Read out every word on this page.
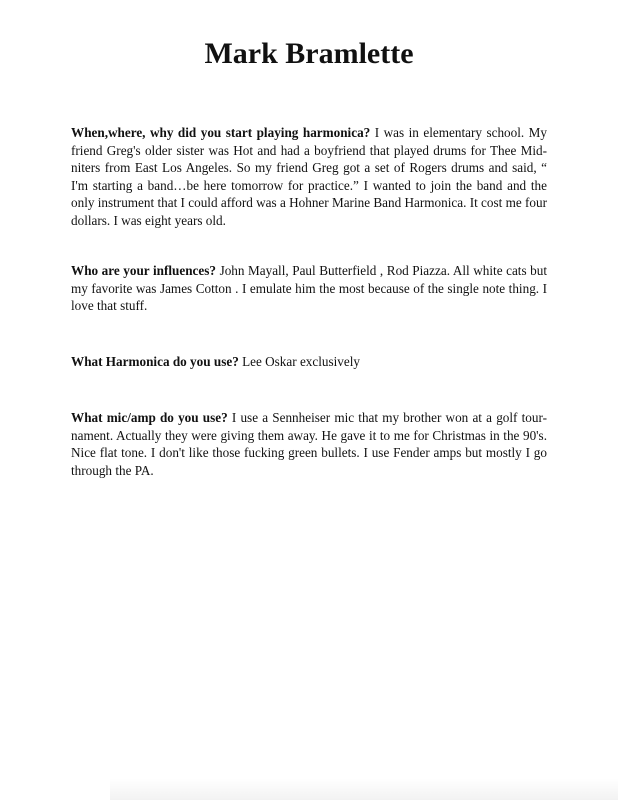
Mark Bramlette

When,where, why did you start playing harmonica? I was in elementary school. My friend Greg's older sister was Hot and had a boyfriend that played drums for Thee Mid-niters from East Los Angeles. So my friend Greg got a set of Rogers drums and said, “ I'm starting a band…be here tomorrow for practice.” I wanted to join the band and the only instrument that I could afford was a Hohner Marine Band Harmonica. It cost me four dollars. I was eight years old.

Who are your influences? John Mayall, Paul Butterfield , Rod Piazza. All white cats but my favorite was James Cotton . I emulate him the most because of the single note thing. I love that stuff.

What Harmonica do you use? Lee Oskar exclusively

What mic/amp do you use? I use a Sennheiser mic that my brother won at a golf tour-nament. Actually they were giving them away. He gave it to me for Christmas in the 90's. Nice flat tone. I don't like those fucking green bullets. I use Fender amps but mostly I go through the PA.
